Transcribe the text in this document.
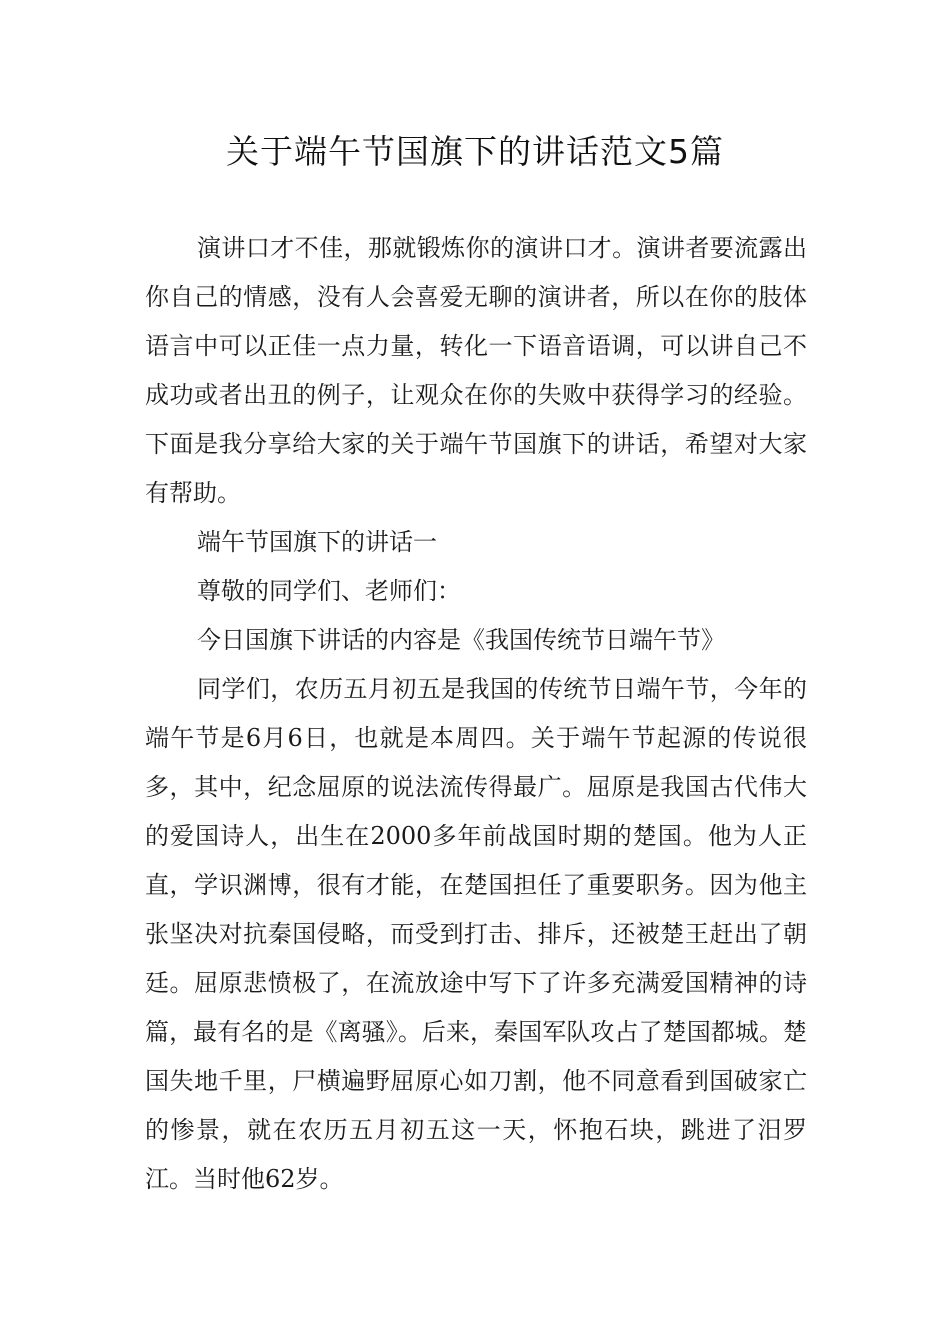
关于端午节国旗下的讲话范文5篇

演讲口才不佳，那就锻炼你的演讲口才。演讲者要流露出你自己的情感，没有人会喜爱无聊的演讲者，所以在你的肢体语言中可以正佳一点力量，转化一下语音语调，可以讲自己不成功或者出丑的例子，让观众在你的失败中获得学习的经验。下面是我分享给大家的关于端午节国旗下的讲话，希望对大家有帮助。

端午节国旗下的讲话一

尊敬的同学们、老师们：

今日国旗下讲话的内容是《我国传统节日端午节》

同学们，农历五月初五是我国的传统节日端午节，今年的端午节是6月6日，也就是本周四。关于端午节起源的传说很多，其中，纪念屈原的说法流传得最广。屈原是我国古代伟大的爱国诗人，出生在2000多年前战国时期的楚国。他为人正直，学识渊博，很有才能，在楚国担任了重要职务。因为他主张坚决对抗秦国侵略，而受到打击、排斥，还被楚王赶出了朝廷。屈原悲愤极了，在流放途中写下了许多充满爱国精神的诗篇，最有名的是《离骚》。后来，秦国军队攻占了楚国都城。楚国失地千里，尸横遍野屈原心如刀割，他不同意看到国破家亡的惨景，就在农历五月初五这一天，怀抱石块，跳进了汨罗江。当时他62岁。
